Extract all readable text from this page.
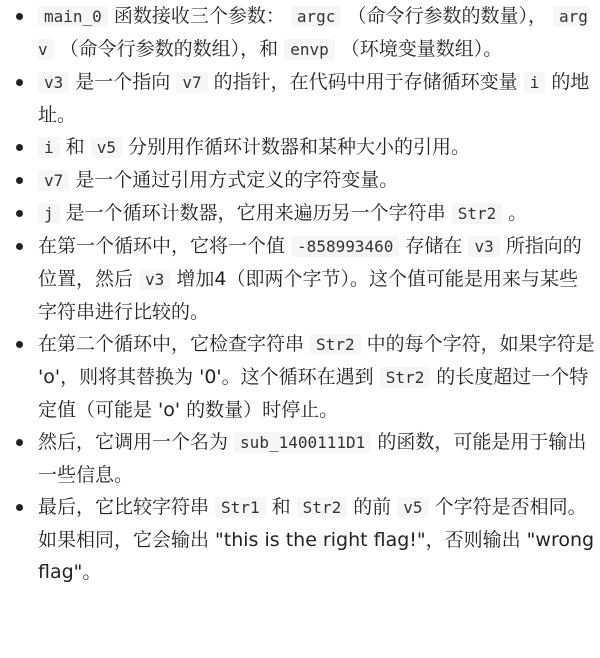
main_0 函数接收三个参数： argc （命令行参数的数量）， argv （命令行参数的数组），和 envp （环境变量数组）。
v3 是一个指向 v7 的指针，在代码中用于存储循环变量 i 的地址。
i 和 v5 分别用作循环计数器和某种大小的引用。
v7 是一个通过引用方式定义的字符变量。
j 是一个循环计数器，它用来遍历另一个字符串 Str2 。
在第一个循环中，它将一个值 -858993460 存储在 v3 所指向的位置，然后 v3 增加4（即两个字节）。这个值可能是用来与某些字符串进行比较的。
在第二个循环中，它检查字符串 Str2 中的每个字符，如果字符是 'o'，则将其替换为 '0'。这个循环在遇到 Str2 的长度超过一个特定值（可能是 'o' 的数量）时停止。
然后，它调用一个名为 sub_1400111D1 的函数，可能是用于输出一些信息。
最后，它比较字符串 Str1 和 Str2 的前 v5 个字符是否相同。如果相同，它会输出 "this is the right flag!"，否则输出 "wrong flag"。
